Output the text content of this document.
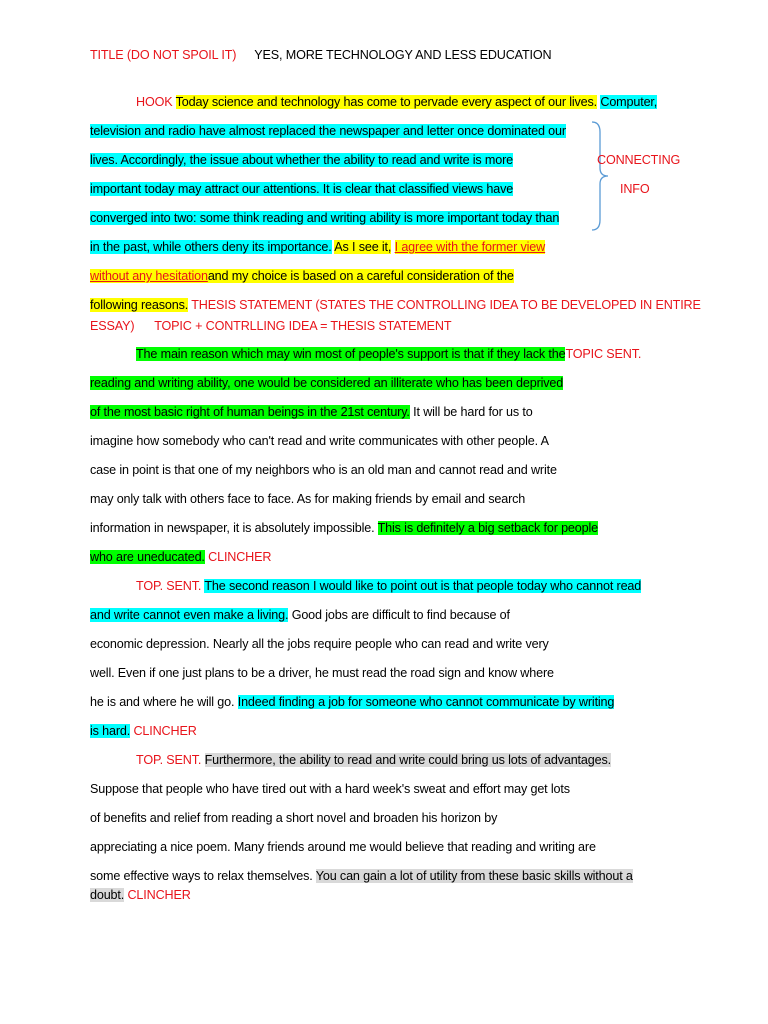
TITLE (DO NOT SPOIL IT) YES, MORE TECHNOLOGY AND LESS EDUCATION
HOOK Today science and technology has come to pervade every aspect of our lives. Computer,
television and radio have almost replaced the newspaper and letter once dominated our
lives. Accordingly, the issue about whether the ability to read and write is more
important today may attract our attentions. It is clear that classified views have
converged into two: some think reading and writing ability is more important today than
in the past, while others deny its importance. As I see it, I agree with the former view
without any hesitationand my choice is based on a careful consideration of the
following reasons. THESIS STATEMENT (STATES THE CONTROLLING IDEA TO BE DEVELOPED IN ENTIRE
ESSAY)      TOPIC + CONTRLLING IDEA = THESIS STATEMENT
CONNECTING
INFO
The main reason which may win most of people's support is that if they lack theTOPIC SENT.
reading and writing ability, one would be considered an illiterate who has been deprived
of the most basic right of human beings in the 21st century. It will be hard for us to
imagine how somebody who can't read and write communicates with other people. A
case in point is that one of my neighbors who is an old man and cannot read and write
may only talk with others face to face. As for making friends by email and search
information in newspaper, it is absolutely impossible. This is definitely a big setback for people
who are uneducated. CLINCHER
TOP. SENT. The second reason I would like to point out is that people today who cannot read
and write cannot even make a living. Good jobs are difficult to find because of
economic depression. Nearly all the jobs require people who can read and write very
well. Even if one just plans to be a driver, he must read the road sign and know where
he is and where he will go. Indeed finding a job for someone who cannot communicate by writing
is hard. CLINCHER
TOP. SENT. Furthermore, the ability to read and write could bring us lots of advantages.
Suppose that people who have tired out with a hard week's sweat and effort may get lots
of benefits and relief from reading a short novel and broaden his horizon by
appreciating a nice poem. Many friends around me would believe that reading and writing are
some effective ways to relax themselves. You can gain a lot of utility from these basic skills without a
doubt. CLINCHER
